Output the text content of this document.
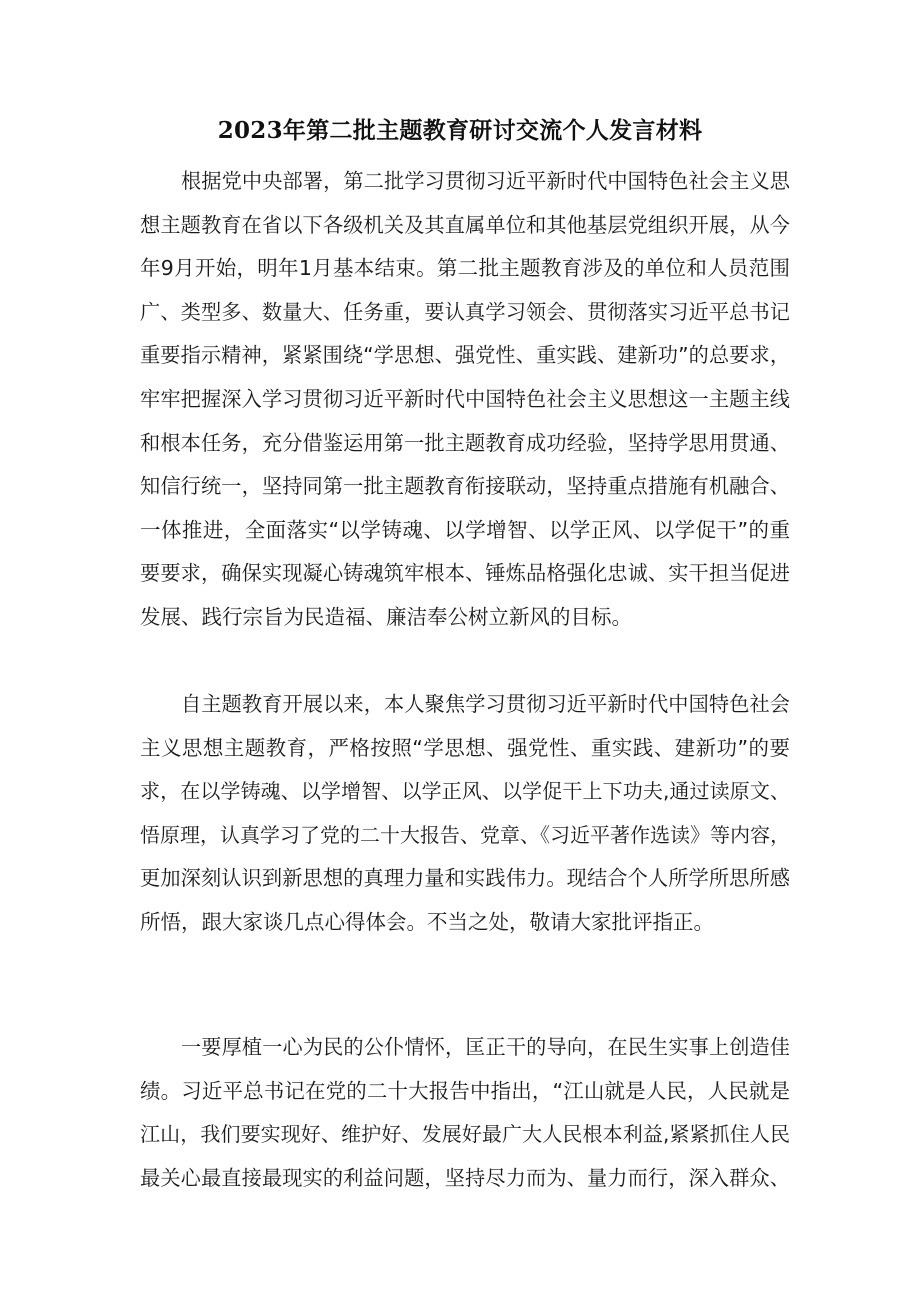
2023年第二批主题教育研讨交流个人发言材料
根据党中央部署，第二批学习贯彻习近平新时代中国特色社会主义思
想主题教育在省以下各级机关及其直属单位和其他基层党组织开展，从今
年9月开始，明年1月基本结束。第二批主题教育涉及的单位和人员范围
广、类型多、数量大、任务重，要认真学习领会、贯彻落实习近平总书记
重要指示精神，紧紧围绕“学思想、强党性、重实践、建新功”的总要求，
牢牢把握深入学习贯彻习近平新时代中国特色社会主义思想这一主题主线
和根本任务，充分借鉴运用第一批主题教育成功经验，坚持学思用贯通、
知信行统一，坚持同第一批主题教育衔接联动，坚持重点措施有机融合、
一体推进，全面落实“以学铸魂、以学增智、以学正风、以学促干”的重
要要求，确保实现凝心铸魂筑牢根本、锤炼品格强化忠诚、实干担当促进
发展、践行宗旨为民造福、廉洁奉公树立新风的目标。
自主题教育开展以来，本人聚焦学习贯彻习近平新时代中国特色社会
主义思想主题教育，严格按照“学思想、强党性、重实践、建新功”的要
求，在以学铸魂、以学增智、以学正风、以学促干上下功夫,通过读原文、
悟原理，认真学习了党的二十大报告、党章、《习近平著作选读》等内容，
更加深刻认识到新思想的真理力量和实践伟力。现结合个人所学所思所感
所悟，跟大家谈几点心得体会。不当之处，敬请大家批评指正。
一要厚植一心为民的公仆情怀，匡正干的导向，在民生实事上创造佳
绩。习近平总书记在党的二十大报告中指出，“江山就是人民，人民就是
江山，我们要实现好、维护好、发展好最广大人民根本利益,紧紧抓住人民
最关心最直接最现实的利益问题，坚持尽力而为、量力而行，深入群众、
